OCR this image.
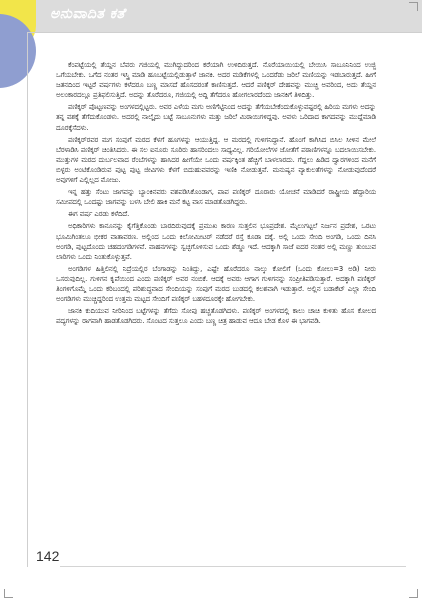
ಅನುವಾದಿತ ಕತೆ

ಕೆಂಪಟ್ಟೆಯಲ್ಲಿ ತೆಯ್ದನ ಬೆವರು ಗಜಿಯಲ್ಲಿ ಮುಗಿದ್ದುದರಿಂದ ಕರೆಯಾಗಿ ಉಳಿದಿರುತ್ತದೆ. ನೊರೆಯಾಯಿಯಲ್ಲಿ ಬೇಯಿಸಿ ಸಾಬೂನಿನಿಂದ ಉಜ್ಜಿ ಒಗೆಯಬೇಕು. ಒಗೆದ ನಂತರ ಇಸ್ತ್ರಿ ಮಾಡಿ ಹೂಬಟ್ಟೆಯಲ್ಲಿಡುತ್ತಾಳೆ ಜಾನಕಿ. ಅದರ ಮಡಿಕೆಗಳಲ್ಲಿ ಒಂದರೆಡು ಜರಿಲೆ ಮಣಿಯನ್ನು ಇಡಬಾರುತ್ತದೆ. ಹೀಗೆ ಜತನದಿಂದ ಇಟ್ಟರೆ ವರ್ಷಗಳು ಕಳೆದರೂ ಬಣ್ಣ ಮಾಸದೆ ಹೊಸದರಂತೆ ಕಾಣಿಸುತ್ತದೆ. ಆದರೆ ಪಣಿಕ್ಕರ್ ದೇಹವನ್ನು ಮುಚ್ಚಿ ಅವರಿಂದ, ಅದು ತೆಯ್ದನ ಅಲಂಕಾರದಲ್ಲೂ ಪ್ರತಿಫಲಿಸುತ್ತಿದೆ. ಅದನ್ನು ತೊರೆದರೂ, ಗಜಿಯಲ್ಲಿ ಅದ್ದಿ ತೆಗೆದರೂ ಹೋಗಲಾರದೆಂದು ಜಾನಕಿಗೆ ತಿಳಿದಿತ್ತು.

ಪಣಿಕ್ಕರ್ ಪೊಟ್ಟಣವನ್ನು ಅಂಗಳದಲ್ಲಿಟ್ಟರು. ಅವರ ಎಳೆಯ ಮಗು ಅಣಿಗೆಟ್ಟಿನಿಂದ ಅದನ್ನು ತೆಗೆಯಬೇಕೆಂದುಕೊಳ್ಳುವಷ್ಟರಲ್ಲಿ ಹಿರಿಯ ಮಗಳು ಅದನ್ನು ತನ್ನ ವಶಕ್ಕೆ ತೆಗೆದುಕೊಂಡಳು. ಅದರಲ್ಲಿ ನಾಲ್ಕೈದು ಬಟ್ಟೆ ಸಾಬೂನುಗಳು ಮತ್ತು ಜರಿಲೆ ಮಿಠಾಯಿಗಳಿದ್ದವು. ಅವಳು ಒರಿದಾದ ಕಾಗದವನ್ನು ಮುದ್ದೆಮಾಡಿ ದೂರಕ್ಕೆಸೆದಳು.

ಪಣಿಕ್ಕರ್‌ರವರ ಮಗ ಸಂಪುಗೆ ಮರದ ಕೆಳಗೆ ಹೂಗಳನ್ನು ಆಯುತ್ತಿದ್ದ. ಆ ಮರದಲ್ಲಿ ಗುಳಿಗನಿದ್ದಾನೆ. ಹೊಂಗೆ ಕಾಗಿಸಿದ ಬಿಸಿಲ ಸೀಳಿನ ಮೇಲೆ ಬೆರಳಾಡಿಸಿ ಪಣಿಕ್ಕರ್ ಚಿಂತಿಸಿದರು. ಈ ಸಲ ಐನೂರು ಸೂರಿರು ಹಾಸರಿಂದಲು ಸಾಧ್ಯವಿಲ್ಲ. ಗರಿಯೋಲೆಗಳ ಜೋತೆಗೆ ಪಠಾಣಿಗಳನ್ನೂ ಬದಲಾಯಿಸಬೇಕು. ಮುತ್ತುಗಳ ಮರದ ದುರ್ಬಲವಾದ ರೆಂಬೆಗಳನ್ನು ಹಾಸಿದರ ಹೀಗೆಯೇ ಒಂದು ವರ್ಷಕ್ಕಿಂತ ಹೆಚ್ಚಿಗೆ ಬಾಳಲಾರದು. ಗೆದ್ದಲು ಹಿಡಿದ ದ್ವಾರಗಳಿಂದ ಮನೆಗೆ ಬಿಳ್ಳರು ಅಂಟಿಕೊಂಡಿರುವ ಪುಟ್ಟ ಪುಟ್ಟ ಜೀವಿಗಳು ಕೆಳಗೆ ಬಿದುಹುವವರನ್ನು ಇಣಿಕಿ ನೋಡುತ್ತವೆ. ಮನುಷ್ಯನ ವ್ಯಾಕುಲತೆಗಳನ್ನು ನೋಡುವುದೆಂದರೆ ಅವುಗಳಿಗೆ ಎಲ್ಲಿಲ್ಲದ ಮೋಜು.

ಇನ್ನ ಹತ್ತು ಸೆಂಟು ಜಾಗವನ್ನು ಬ್ಯಾಂಕಿನವರು ವಶಪಡಿಸಿಕೊಂಡಾಗ, ಪಾಪ ಪಣಿಕ್ಕರ್ ದೂರಾರು ಯೋಚನೆ ಮಾಡಿದರೆ ರಾಷ್ಟ್ರೀಯ ಹೆದ್ದಾರಿಯ ಸಮೀಪದಲ್ಲಿ ಒಂದಷ್ಟು ಜಾಗವನ್ನು ಬಳಸಿ ಬೇಲಿ ಹಾಕಿ ಮನೆ ಕಟ್ಟ ವಾಸ ಮಾಡತೊಡಗಿದ್ದರು.

ಈಗ ವರ್ಷ ಎರಡು ಕಳೆದಿದೆ.

ಅಧಿಕಾರಿಗಳು ಕಾನೂನನ್ನು ಕೈಗೆತ್ತಿಕೊಂಡು ಬಾರದಿರುವುದಕ್ಕೆ ಪ್ರಮುಖ ಕಾರಣ ಸುತ್ತಲಿನ ಭೂಪ್ರದೇಶ. ಮೈಲುಗಟ್ಟಲೆ ನಿರ್ಜನ ಪ್ರದೇಶ, ಒರಟು ಭೂಮಿಗಿಂತಲೂ ಭೀಕರ ವಾತಾವರಣ. ಅಲ್ಲಿಂದ ಒಂದು ಕಿಲೋಮೀಟರ್ ನಡೆದರೆ ರಸ್ತೆ ಕೂಡಾ ದಕ್ಕೆ. ಅಲ್ಲಿ ಒಂದು ಸೇಂದಿ ಅಂಗಡಿ, ಒಂದು ದಿನಸಿ ಅಂಗಡಿ, ಪುಟ್ಟದೊಂದು ಚಹದಂಗಡಿಗಳವೆ. ವಾಹನಗಳನ್ನು ಸ್ವಚ್ಛಗೊಳಿಸುವ ಒಂದು ಶೆಡ್ಡೂ ಇದೆ. ಆದಕ್ಕಾಗಿ ಸಾಜೆ ಐದರ ನಂತರ ಅಲ್ಲಿ ಮಣ್ಣು ತುಂಬುವ ಲಾರಿಗಳು ಒಂದು ನಿಂತುಕೊಳ್ಳುತ್ತವೆ.

ಅಂಗಡಿಗಳ ಹಿತ್ತಿಲಿನಲ್ಲಿ ನಿದ್ರೆಯಲ್ಲಿರ ಬೆಂಗಾಡನ್ನು ನಿಂತಿದ್ದು, ಎಷ್ಟೇ ಹೊರೆದರೂ ನಾಲ್ಕು ಕೋಲಿಗೆ (ಒಂದು ಕೋಲು=3 ಅಡಿ) ನೀರು ಒಸರುವುದಿಲ್ಲ. ಗುಳಿಗನ ಕೃಪೆಯಿಂದ ಎಂದು ಪಣಿಕ್ಕರ್ ಅವರ ನಂಬಿಕೆ. ಆದಕ್ಕೆ ಅವರು ಆಗಾಗ ಗುಳಿಗನನ್ನು ಸಂಪ್ರೀತಿಪಡಿಸುತ್ತಾರೆ. ಅದಕ್ಕಾಗಿ ಪಣಿಕ್ಕರ್ ತಿಂಗಳಿಗೊಮ್ಮೆ ಒಂದು ಕರಿಬಂದಲ್ಲಿ ಪರಿಶುದ್ಧವಾದ ಸೇಂದಿಯನ್ನು ಸಂಪುಗೆ ಮರದ ಬುಡದಲ್ಲಿ ಕಲಶವಾಗಿ ಇಡುತ್ತಾರೆ. ಅಲ್ಲಿನ ಬಡಾಕೆಟ್ ಎಲ್ಲಾ ಸೇಂದಿ ಅಂಗಡಿಗಳು ಮುಚ್ಚಿದ್ದರಿಂದ ಉತ್ತಮ ಮಟ್ಟದ ಸೇಂದಿಗೆ ಪಣಿಕ್ಕರ್ ಬಹಳದೂರಕ್ಕೇ ಹೋಗಬೇಕು.

ಜಾನಕಿ ಕುದಿಯುವ ನೀರಿನಿಂದ ಬಟ್ಟೆಗಳನ್ನು ತೆಗೆದು ಸೋಪು ಹಚ್ಚತೊಡಗಿದಳು. ಪಣಿಕ್ಕರ್ ಅಂಗಳದಲ್ಲಿ ಕಾಲು ಚಾಚಿ ಕುಳಿತು ಹೊಸ ಕೋಲದ ಪದ್ಯಗಳನ್ನು ರಾಗವಾಗಿ ಹಾಡತೊಡಗಿದರು. ಸೊಂಟದ ಸುತ್ತಲೂ ಎಂದು ಬಣ್ಣ ಚಿತ್ರ ಹಾಡುವ ಆದೂ ಬೇಡ ಕೊಳ ಈ ಭಾಗವಡಿ.

142
